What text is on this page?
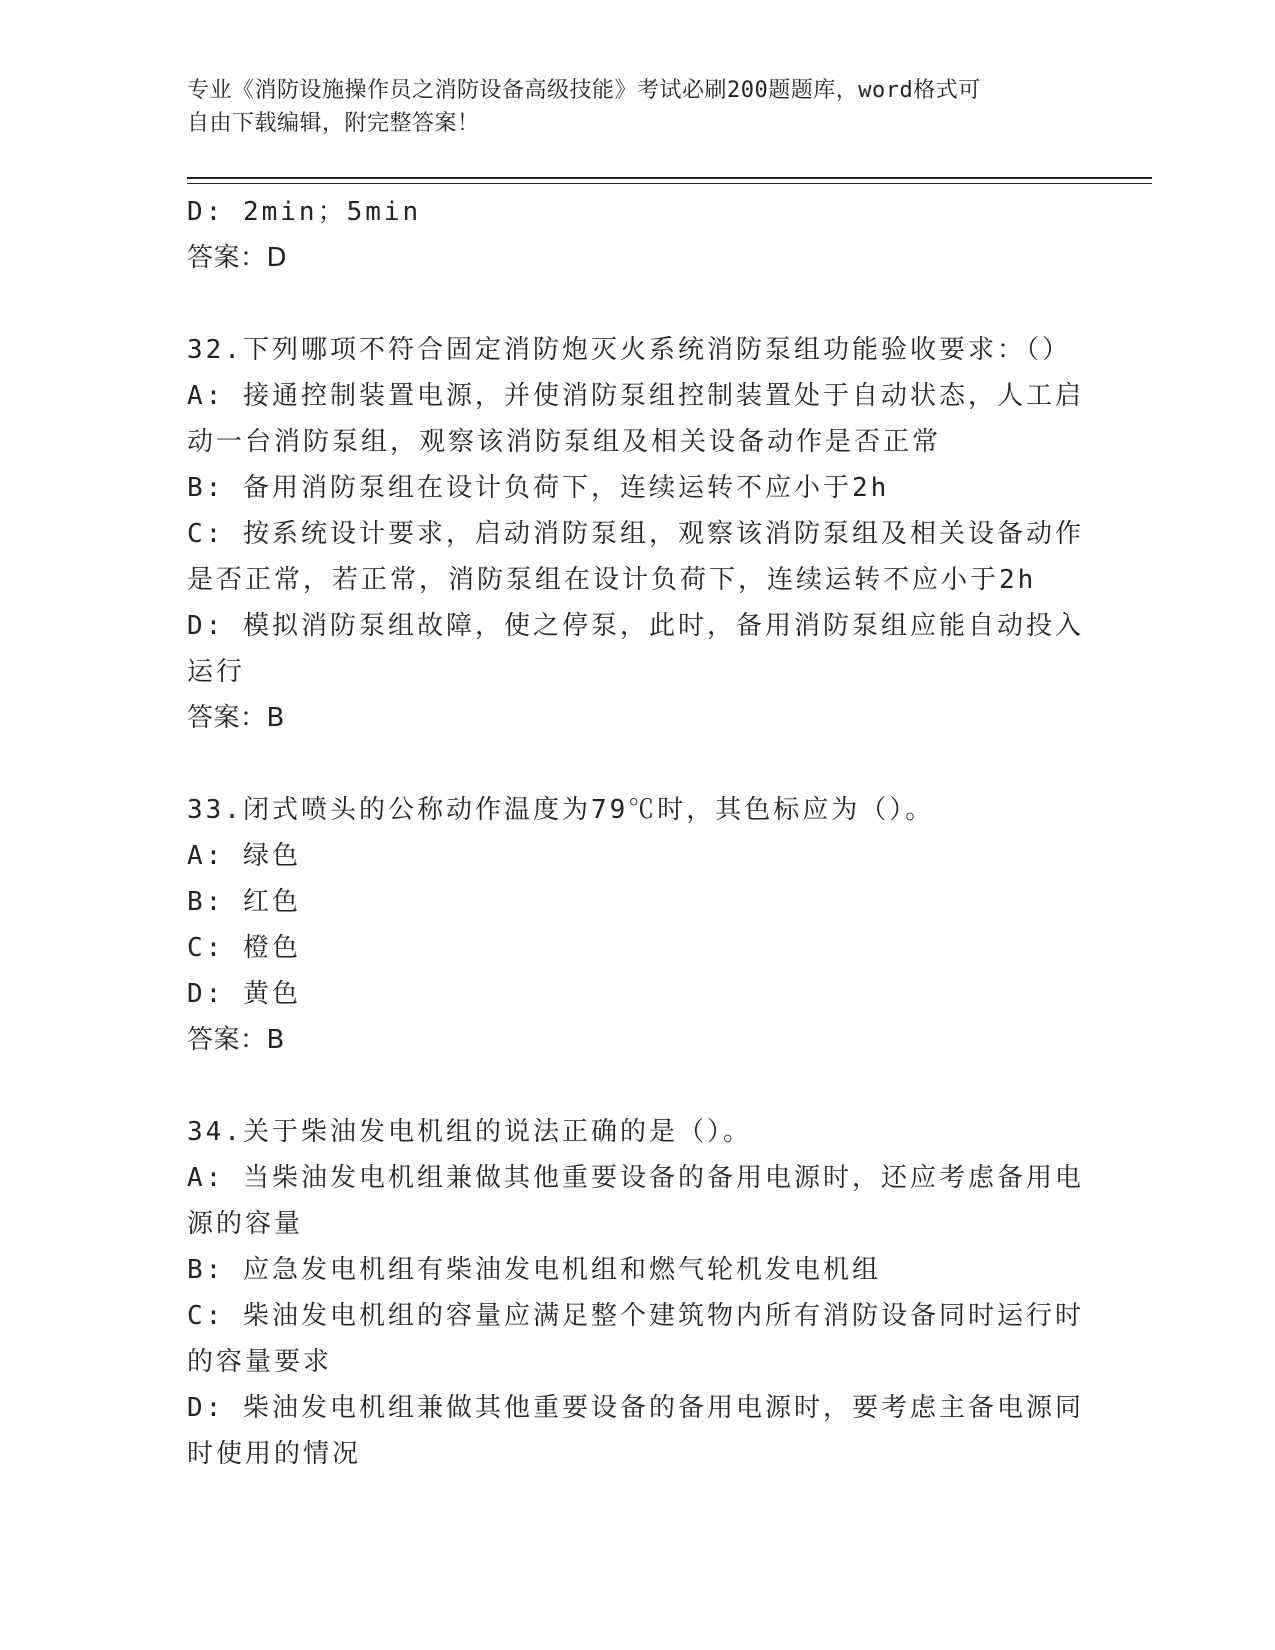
专业《消防设施操作员之消防设备高级技能》考试必刷200题题库，word格式可
自由下载编辑，附完整答案！
D: 2min；5min
答案：D
32.下列哪项不符合固定消防炮灭火系统消防泵组功能验收要求：（）
A: 接通控制装置电源，并使消防泵组控制装置处于自动状态，人工启
动一台消防泵组，观察该消防泵组及相关设备动作是否正常
B: 备用消防泵组在设计负荷下，连续运转不应小于2h
C: 按系统设计要求，启动消防泵组，观察该消防泵组及相关设备动作
是否正常，若正常，消防泵组在设计负荷下，连续运转不应小于2h
D: 模拟消防泵组故障，使之停泵，此时，备用消防泵组应能自动投入
运行
答案：B
33.闭式喷头的公称动作温度为79℃时，其色标应为（）。
A: 绿色
B: 红色
C: 橙色
D: 黄色
答案：B
34.关于柴油发电机组的说法正确的是（）。
A: 当柴油发电机组兼做其他重要设备的备用电源时，还应考虑备用电
源的容量
B: 应急发电机组有柴油发电机组和燃气轮机发电机组
C: 柴油发电机组的容量应满足整个建筑物内所有消防设备同时运行时
的容量要求
D: 柴油发电机组兼做其他重要设备的备用电源时，要考虑主备电源同
时使用的情况
